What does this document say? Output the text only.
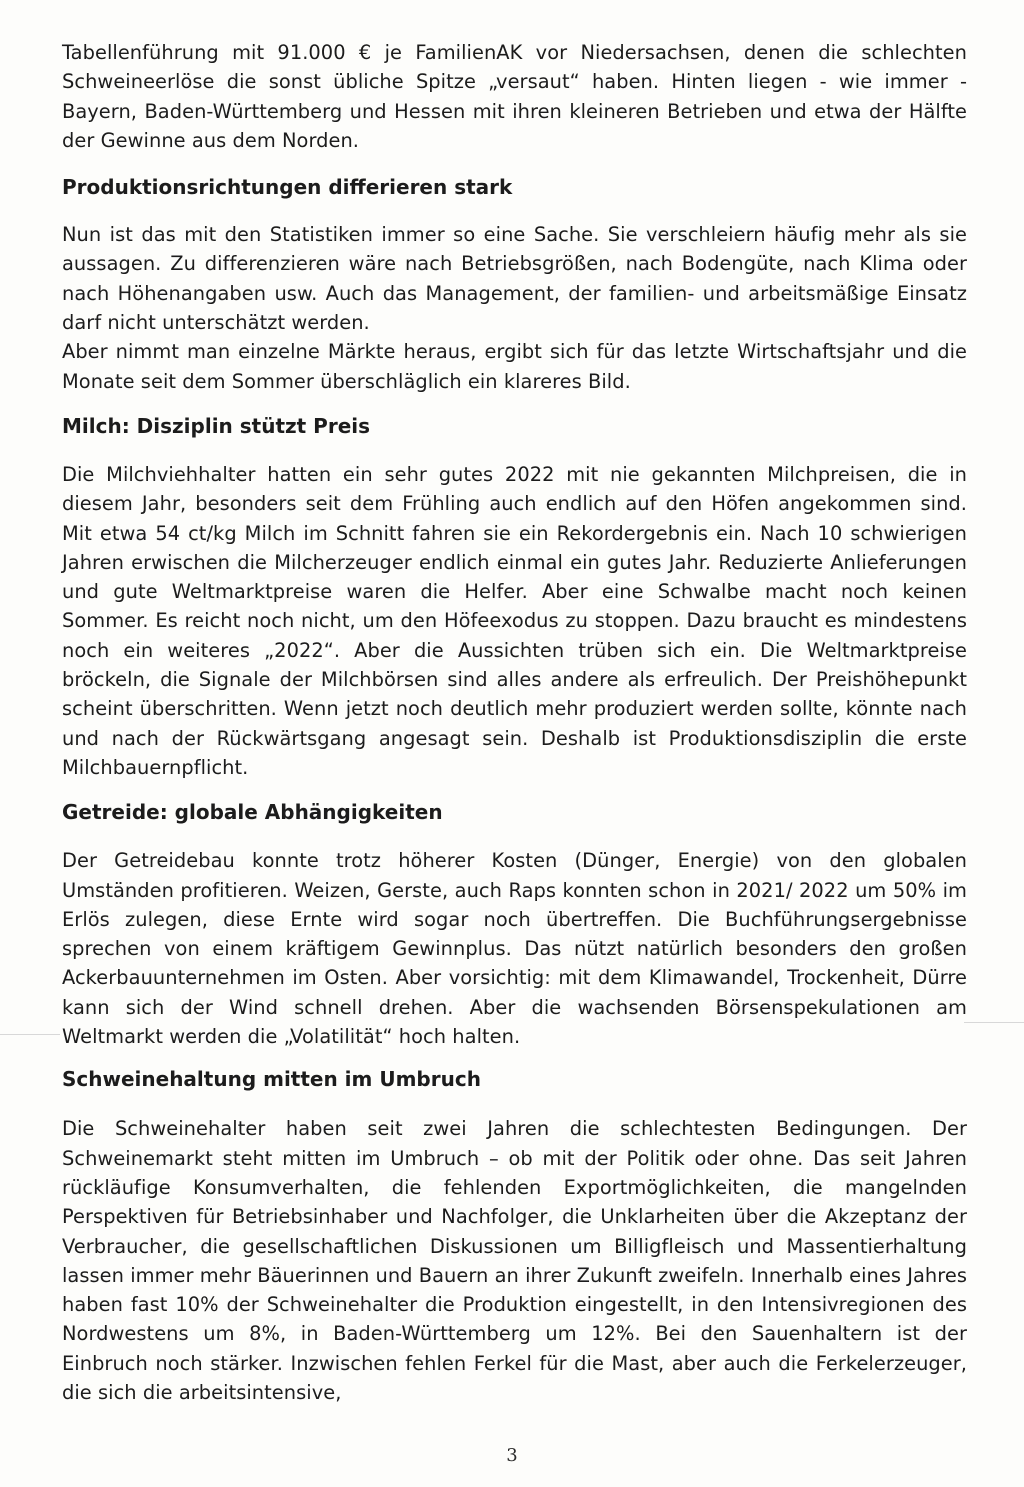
Tabellenführung mit 91.000 € je FamilienAK vor Niedersachsen, denen die schlechten Schweineerlöse die sonst übliche Spitze „versaut“ haben. Hinten liegen - wie immer - Bayern, Baden-Württemberg und Hessen mit ihren kleineren Betrieben und etwa der Hälfte der Gewinne aus dem Norden.

Produktionsrichtungen differieren stark

Nun ist das mit den Statistiken immer so eine Sache. Sie verschleiern häufig mehr als sie aussagen. Zu differenzieren wäre nach Betriebsgrößen, nach Bodengüte, nach Klima oder nach Höhenangaben usw. Auch das Management, der familien- und arbeitsmäßige Einsatz darf nicht unterschätzt werden.

Aber nimmt man einzelne Märkte heraus, ergibt sich für das letzte Wirtschaftsjahr und die Monate seit dem Sommer überschläglich ein klareres Bild.

Milch: Disziplin stützt Preis

Die Milchviehhalter hatten ein sehr gutes 2022 mit nie gekannten Milchpreisen, die in diesem Jahr, besonders seit dem Frühling auch endlich auf den Höfen angekommen sind. Mit etwa 54 ct/kg Milch im Schnitt fahren sie ein Rekordergebnis ein. Nach 10 schwierigen Jahren erwischen die Milcherzeuger endlich einmal ein gutes Jahr. Reduzierte Anlieferungen und gute Weltmarktpreise waren die Helfer. Aber eine Schwalbe macht noch keinen Sommer. Es reicht noch nicht, um den Höfeexodus zu stoppen. Dazu braucht es mindestens noch ein weiteres „2022“. Aber die Aussichten trüben sich ein. Die Weltmarktpreise bröckeln, die Signale der Milchbörsen sind alles andere als erfreulich. Der Preishöhepunkt scheint überschritten. Wenn jetzt noch deutlich mehr produziert werden sollte, könnte nach und nach der Rückwärtsgang angesagt sein. Deshalb ist Produktionsdisziplin die erste Milchbauernpflicht.

Getreide: globale Abhängigkeiten

Der Getreidebau konnte trotz höherer Kosten (Dünger, Energie) von den globalen Umständen profitieren. Weizen, Gerste, auch Raps konnten schon in 2021/ 2022 um 50% im Erlös zulegen, diese Ernte wird sogar noch übertreffen. Die Buchführungsergebnisse sprechen von einem kräftigem Gewinnplus. Das nützt natürlich besonders den großen Ackerbauunternehmen im Osten. Aber vorsichtig: mit dem Klimawandel, Trockenheit, Dürre kann sich der Wind schnell drehen. Aber die wachsenden Börsenspekulationen am Weltmarkt werden die „Volatilität“ hoch halten.

Schweinehaltung mitten im Umbruch

Die Schweinehalter haben seit zwei Jahren die schlechtesten Bedingungen. Der Schweinemarkt steht mitten im Umbruch – ob mit der Politik oder ohne. Das seit Jahren rückläufige Konsumverhalten, die fehlenden Exportmöglichkeiten, die mangelnden Perspektiven für Betriebsinhaber und Nachfolger, die Unklarheiten über die Akzeptanz der Verbraucher, die gesellschaftlichen Diskussionen um Billigfleisch und Massentierhaltung lassen immer mehr Bäuerinnen und Bauern an ihrer Zukunft zweifeln. Innerhalb eines Jahres haben fast 10% der Schweinehalter die Produktion eingestellt, in den Intensivregionen des Nordwestens um 8%, in Baden-Württemberg um 12%. Bei den Sauenhaltern ist der Einbruch noch stärker. Inzwischen fehlen Ferkel für die Mast, aber auch die Ferkelerzeuger, die sich die arbeitsintensive,

3
